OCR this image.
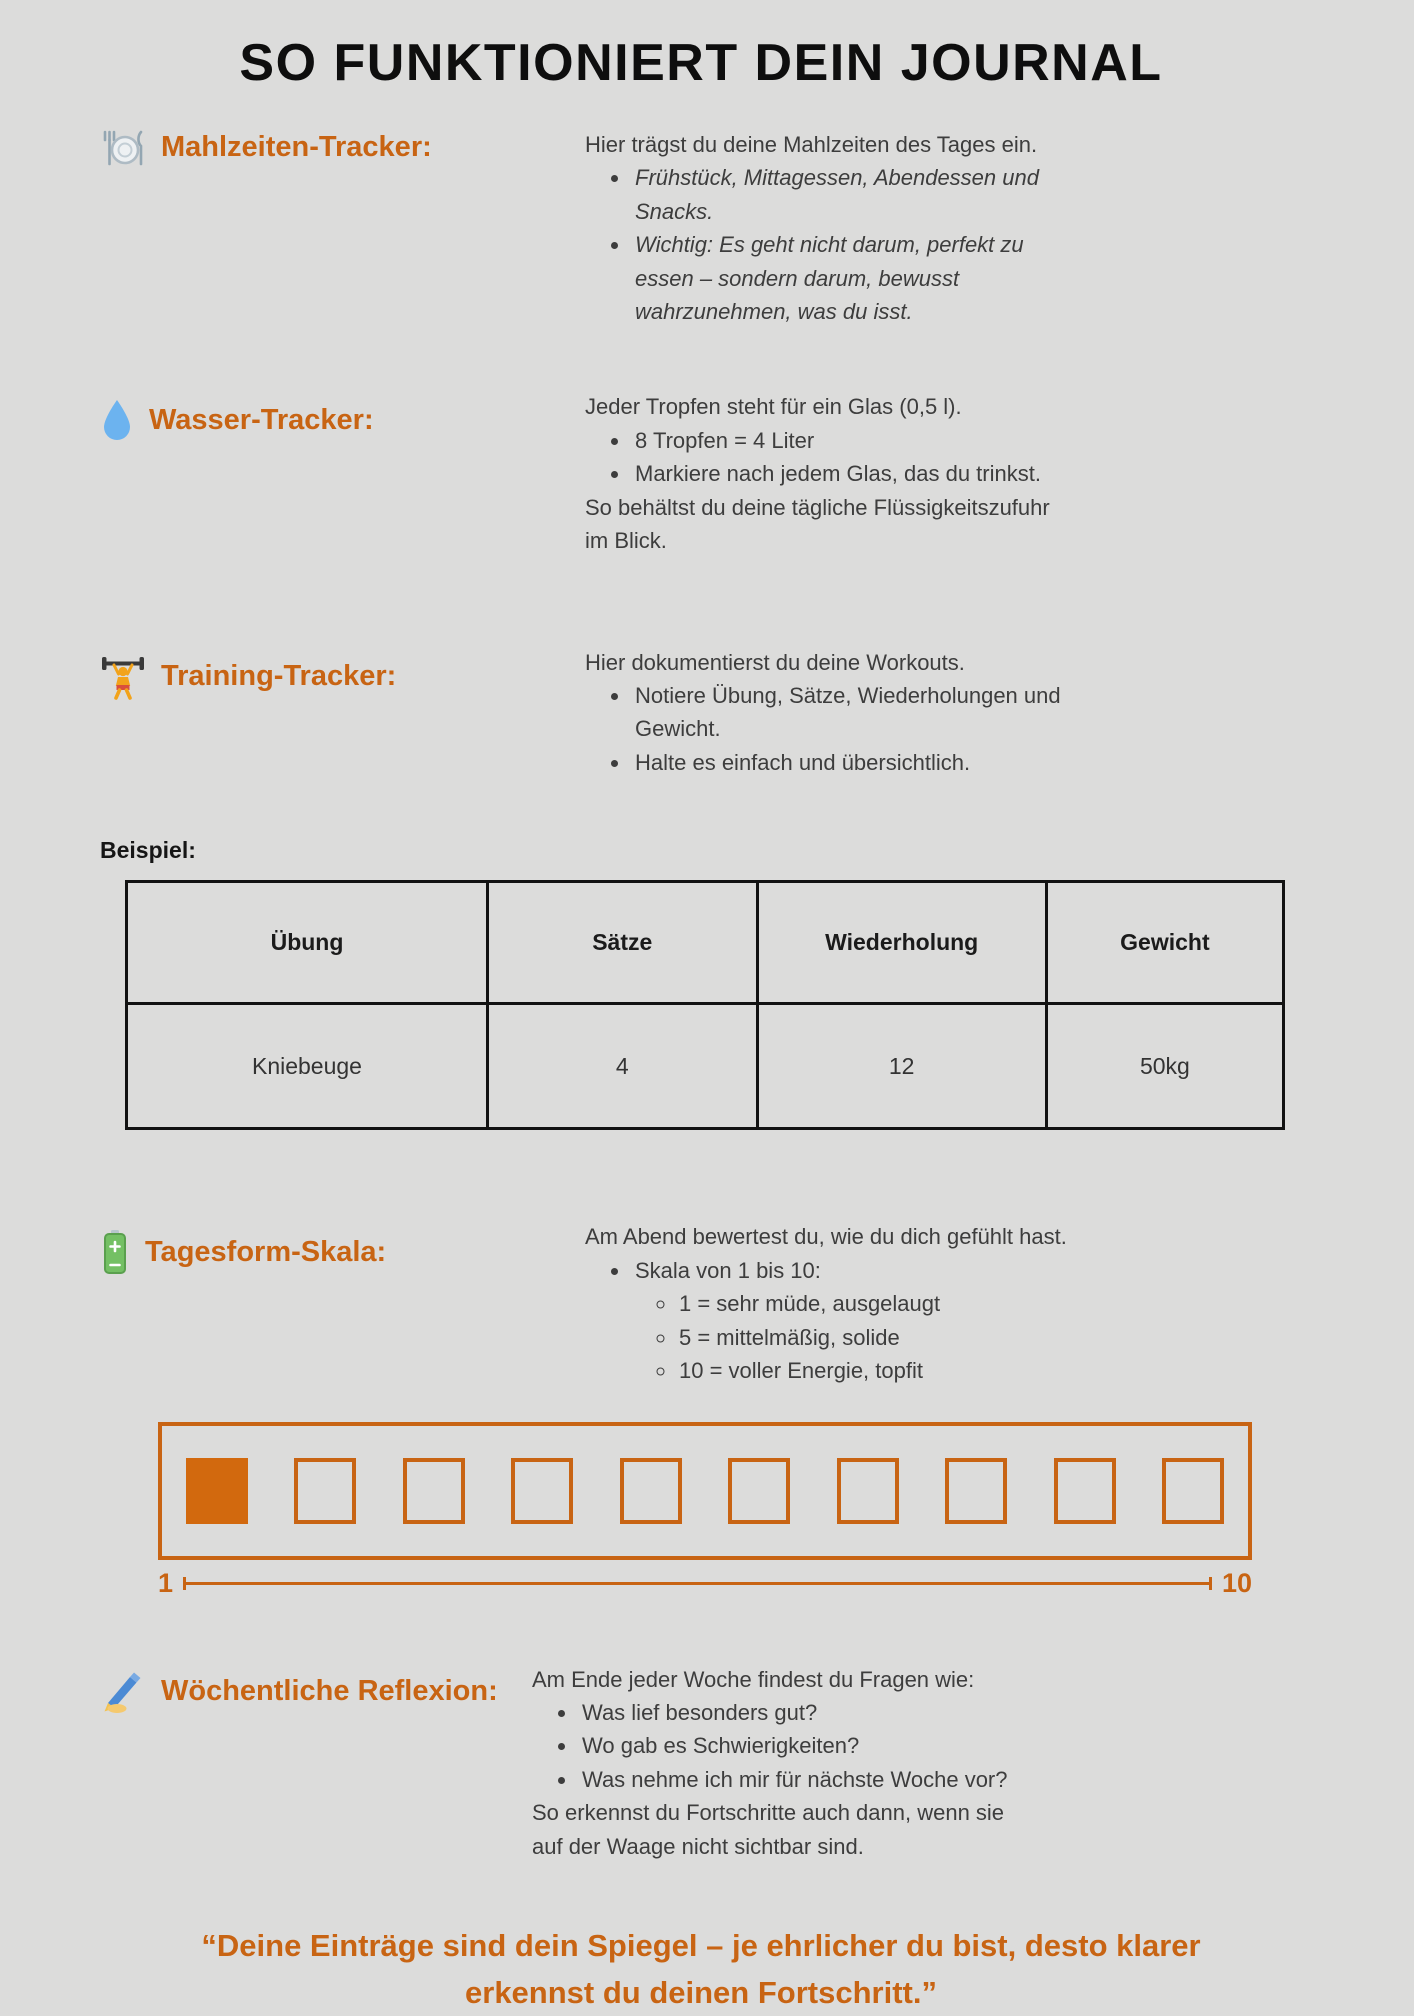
SO FUNKTIONIERT DEIN JOURNAL
Mahlzeiten-Tracker:	Hier trägst du deine Mahlzeiten des Tages ein.

• Frühstück, Mittagessen, Abendessen und Snacks.
• Wichtig: Es geht nicht darum, perfekt zu essen – sondern darum, bewusst wahrzunehmen, was du isst.
Wasser-Tracker:	Jeder Tropfen steht für ein Glas (0,5 l).

• 8 Tropfen = 4 Liter
• Markiere nach jedem Glas, das du trinkst.

So behältst du deine tägliche Flüssigkeitszufuhr im Blick.

Training-Tracker:	Hier dokumentierst du deine Workouts.

• Notiere Übung, Sätze, Wiederholungen und Gewicht.
• Halte es einfach und übersichtlich.
Beispiel:
Übung	Sätze	Wiederholung	Gewicht
Kniebeuge	4	12	50kg
Tagesform-Skala:	Am Abend bewertest du, wie du dich gefühlt hast.

• Skala von 1 bis 10:
◦ 1 = sehr müde, ausgelaugt
◦ 5 = mittelmäßig, solide
◦ 10 = voller Energie, topfit
1	10
Wöchentliche Reflexion: Am Ende jeder Woche findest du Fragen wie:

• Was lief besonders gut?
• Wo gab es Schwierigkeiten?
• Was nehme ich mir für nächste Woche vor?

So erkennst du Fortschritte auch dann, wenn sie auf der Waage nicht sichtbar sind.

“Deine Einträge sind dein Spiegel – je ehrlicher du bist, desto klarer erkennst du deinen Fortschritt.”
